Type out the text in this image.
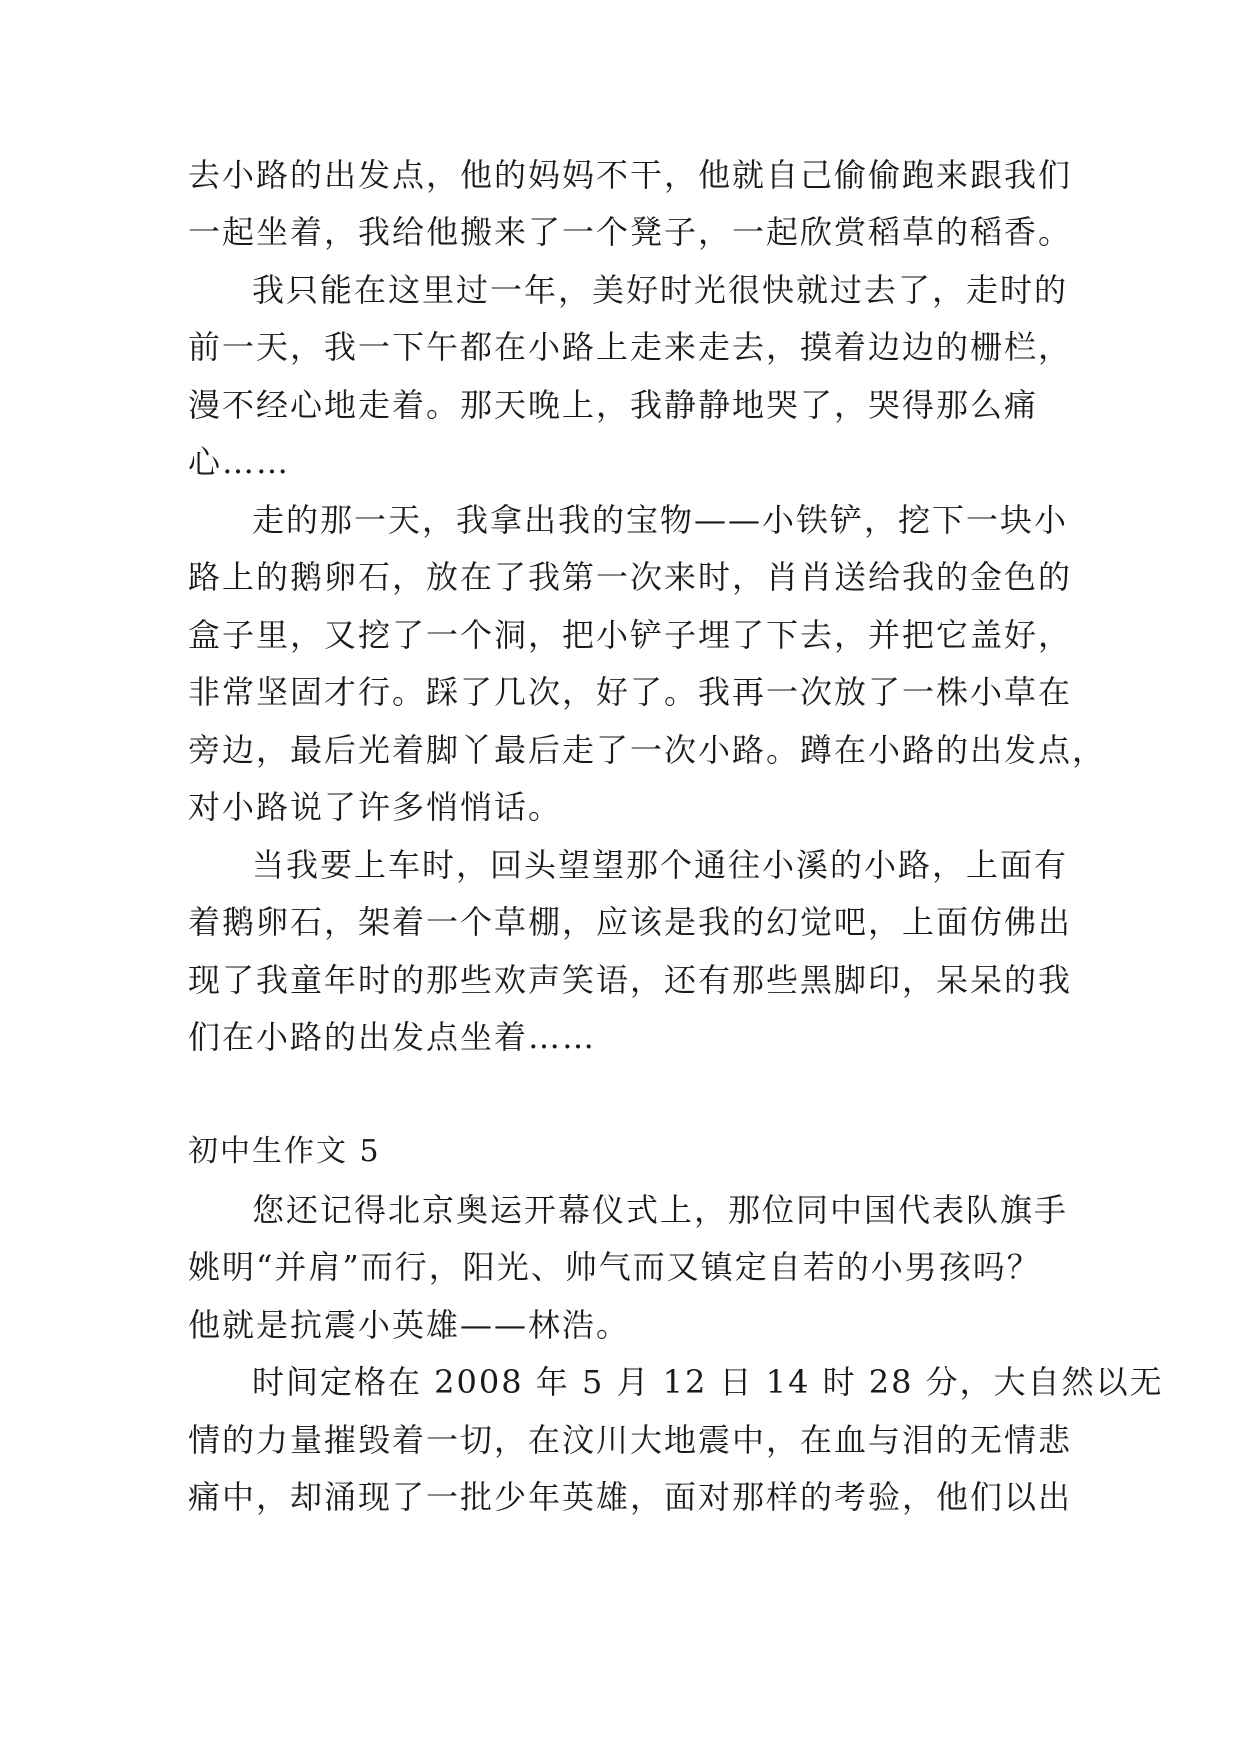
去小路的出发点，他的妈妈不干，他就自己偷偷跑来跟我们
一起坐着，我给他搬来了一个凳子，一起欣赏稻草的稻香。
我只能在这里过一年，美好时光很快就过去了，走时的
前一天，我一下午都在小路上走来走去，摸着边边的栅栏，
漫不经心地走着。那天晚上，我静静地哭了，哭得那么痛
心……
走的那一天，我拿出我的宝物——小铁铲，挖下一块小
路上的鹅卵石，放在了我第一次来时，肖肖送给我的金色的
盒子里，又挖了一个洞，把小铲子埋了下去，并把它盖好，
非常坚固才行。踩了几次，好了。我再一次放了一株小草在
旁边，最后光着脚丫最后走了一次小路。蹲在小路的出发点，
对小路说了许多悄悄话。
当我要上车时，回头望望那个通往小溪的小路，上面有
着鹅卵石，架着一个草棚，应该是我的幻觉吧，上面仿佛出
现了我童年时的那些欢声笑语，还有那些黑脚印，呆呆的我
们在小路的出发点坐着……
初中生作文 5
您还记得北京奥运开幕仪式上，那位同中国代表队旗手
姚明“并肩”而行，阳光、帅气而又镇定自若的小男孩吗？
他就是抗震小英雄——林浩。
时间定格在 2008 年 5 月 12 日 14 时 28 分，大自然以无
情的力量摧毁着一切，在汶川大地震中，在血与泪的无情悲
痛中，却涌现了一批少年英雄，面对那样的考验，他们以出
